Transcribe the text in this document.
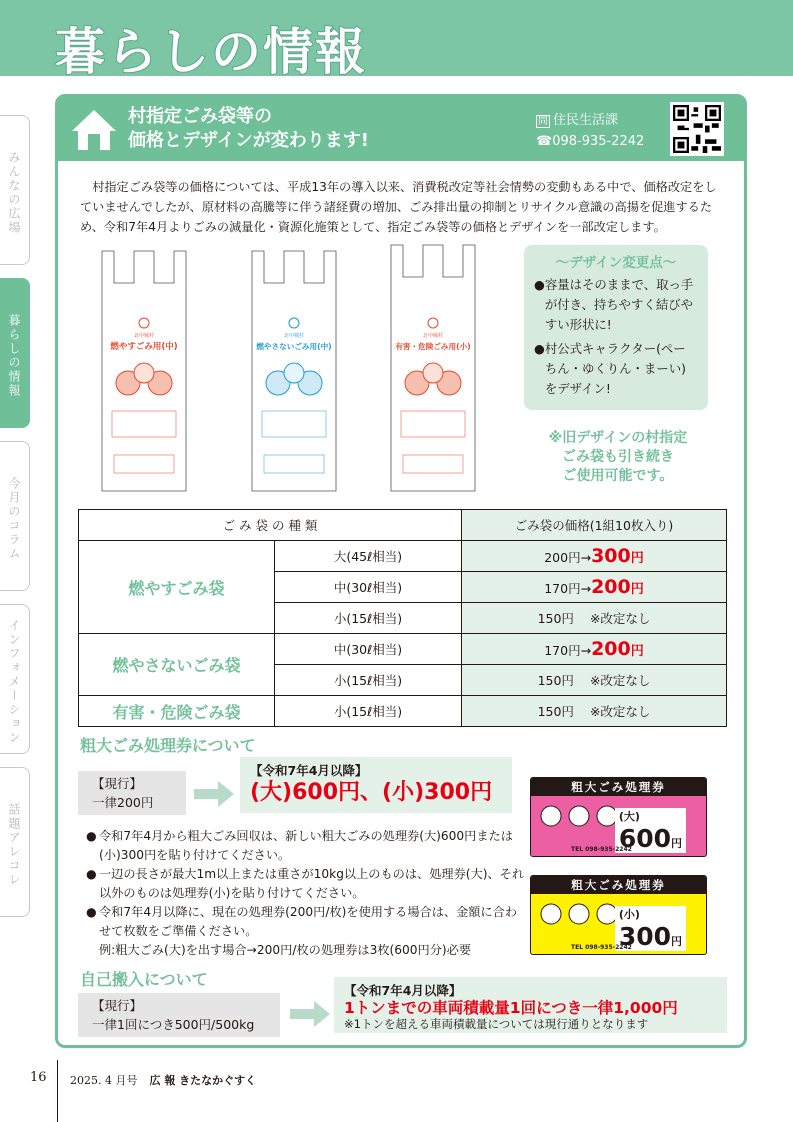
暮らしの情報
みんなの広場
暮らしの情報
今月のコラム
インフォメーション
話題アレコレ
村指定ごみ袋等の
価格とデザインが変わります!
問 住民生活課
☎098-935-2242
村指定ごみ袋等の価格については、平成13年の導入以来、消費税改定等社会情勢の変動もある中で、価格改定をしていませんでしたが、原材料の高騰等に伴う諸経費の増加、ごみ排出量の抑制とリサイクル意識の高揚を促進するため、令和7年4月よりごみの減量化・資源化施策として、指定ごみ袋等の価格とデザインを一部改定します。
北中城村
燃やすごみ用(中)
北中城村
燃やさないごみ用(中)
北中城村
有害・危険ごみ用(小)
〜デザイン変更点〜
● 容量はそのままで、取っ手が付き、持ちやすく結びやすい形状に!
● 村公式キャラクター(ぺーちん・ゆくりん・まーい)をデザイン!
※旧デザインの村指定
ごみ袋も引き続き
ご使用可能です。
ご み 袋 の 種 類		ごみ袋の価格(1組10枚入り)
燃やすごみ袋	大(45ℓ相当)	200円→300円
	中(30ℓ相当)	170円→200円
	小(15ℓ相当)	150円 ※改定なし
燃やさないごみ袋	中(30ℓ相当)	170円→200円
	小(15ℓ相当)	150円 ※改定なし
有害・危険ごみ袋	小(15ℓ相当)	150円 ※改定なし
粗大ごみ処理券について
【現行】
一律200円
【令和7年4月以降】
(大)600円、(小)300円
● 令和7年4月から粗大ごみ回収は、新しい粗大ごみの処理券(大)600円または(小)300円を貼り付けてください。
● 一辺の長さが最大1m以上または重さが10kg以上のものは、処理券(大)、それ以外のものは処理券(小)を貼り付けてください。
● 令和7年4月以降に、現在の処理券(200円/枚)を使用する場合は、金額に合わせて枚数をご準備ください。
例:粗大ごみ(大)を出す場合→200円/枚の処理券は3枚(600円分)必要
粗大ごみ処理券
(大)
600円
TEL 098-935-2242
粗大ごみ処理券
(小)
300円
TEL 098-935-2242
自己搬入について
【現行】
一律1回につき500円/500kg
【令和7年4月以降】
1トンまでの車両積載量1回につき一律1,000円
※1トンを超える車両積載量については現行通りとなります
16 2025. 4 月号 広 報 きたなかぐすく
